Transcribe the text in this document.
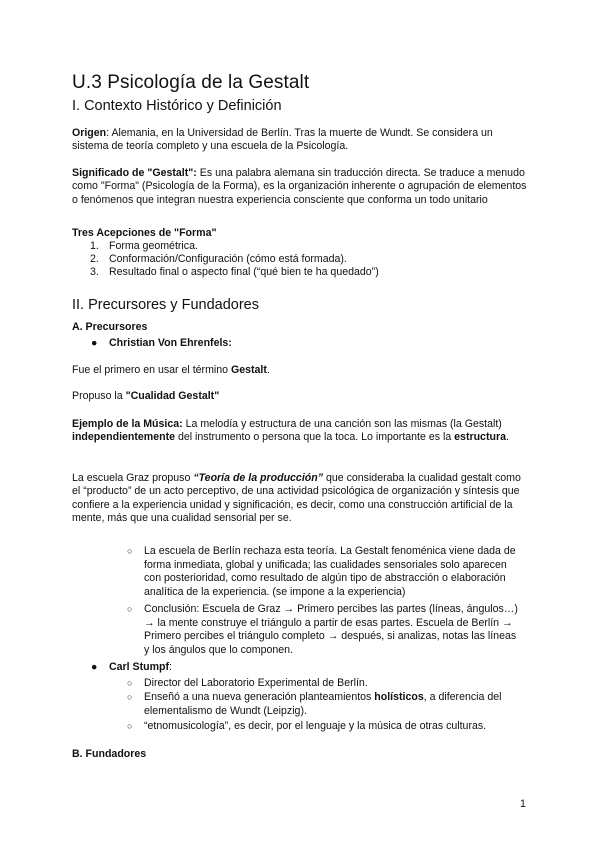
U.3 Psicología de la Gestalt
I. Contexto Histórico y Definición

Origen: Alemania, en la Universidad de Berlín. Tras la muerte de Wundt. Se considera un sistema de teoría completo y una escuela de la Psicología.

Significado de "Gestalt": Es una palabra alemana sin traducción directa. Se traduce a menudo como "Forma" (Psicología de la Forma), es la organización inherente o agrupación de elementos o fenómenos que integran nuestra experiencia consciente que conforma un todo unitario

Tres Acepciones de "Forma"

1. Forma geométrica.
2. Conformación/Configuración (cómo está formada).
3. Resultado final o aspecto final (“qué bien te ha quedado”)
II. Precursores y Fundadores

A. Precursores

● Christian Von Ehrenfels:

Fue el primero en usar el término Gestalt.

Propuso la "Cualidad Gestalt"

Ejemplo de la Música: La melodía y estructura de una canción son las mismas (la Gestalt) independientemente del instrumento o persona que la toca. Lo importante es la estructura.

La escuela Graz propuso “Teoría de la producción” que consideraba la cualidad gestalt como el “producto” de un acto perceptivo, de una actividad psicológica de organización y síntesis que confiere a la experiencia unidad y significación, es decir, como una construcción artificial de la mente, más que una cualidad sensorial per se.

○	La escuela de Berlín rechaza esta teoría. La Gestalt fenoménica viene dada de forma inmediata, global y unificada; las cualidades sensoriales solo aparecen con posterioridad, como resultado de algún tipo de abstracción o elaboración analítica de la experiencia. (se impone a la experiencia)
○	Conclusión: Escuela de Graz → Primero percibes las partes (líneas, ángulos…) → la mente construye el triángulo a partir de esas partes. Escuela de Berlín → Primero percibes el triángulo completo → después, si analizas, notas las líneas y los ángulos que lo componen.
● Carl Stumpf:
○	Director del Laboratorio Experimental de Berlín.
○	Enseñó a una nueva generación planteamientos holísticos, a diferencia del elementalismo de Wundt (Leipzig).
○	“etnomusicología”, es decir, por el lenguaje y la música de otras culturas.

B. Fundadores

1
